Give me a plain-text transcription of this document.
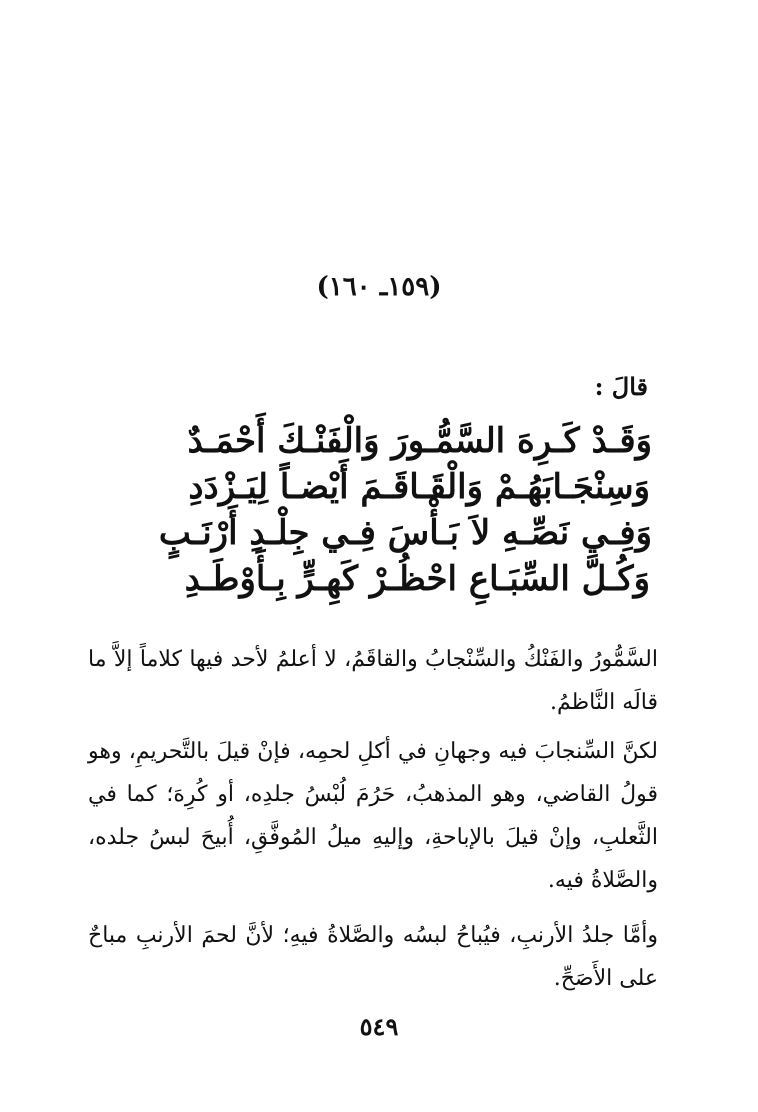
(١٥٩ـ ١٦٠)
قالَ :
وَقَـدْ كَـرِهَ السَّمُّـورَ وَالْفَنْـكَ أَحْمَـدٌ
وَسِنْجَـابَهُـمْ وَالْقَـاقَـمَ أَيْضـاً لِيَـزْدَدِ
وَفِـي نَصِّـهِ لاَ بَـأْسَ فِـي جِلْـدِ أَرْنَـبٍ
وَكُـلَّ السِّبَـاعِ احْظُـرْ كَهِـرٍّ بِـأَوْطَـدِ
السَّمُّورُ والفَنْكُ والسِّنْجابُ والقاقَمُ، لا أعلمُ لأحد فيها كلاماً إلاَّ ما قالَه النَّاظمُ.
لكنَّ السِّنجابَ فيه وجهانِ في أكلِ لحمِه، فإنْ قيلَ بالتَّحريمِ، وهو قولُ القاضي، وهو المذهبُ، حَرُمَ لُبْسُ جلدِه، أو كُرِهَ؛ كما في الثَّعلبِ، وإنْ قيلَ بالإباحةِ، وإليهِ ميلُ المُوفَّقِ، أُبيحَ لبسُ جلده، والصَّلاةُ فيه.
وأمَّا جلدُ الأرنبِ، فيُباحُ لبسُه والصَّلاةُ فيهِ؛ لأنَّ لحمَ الأرنبِ مباحٌ على الأَصَحِّ.
٥٤٩
